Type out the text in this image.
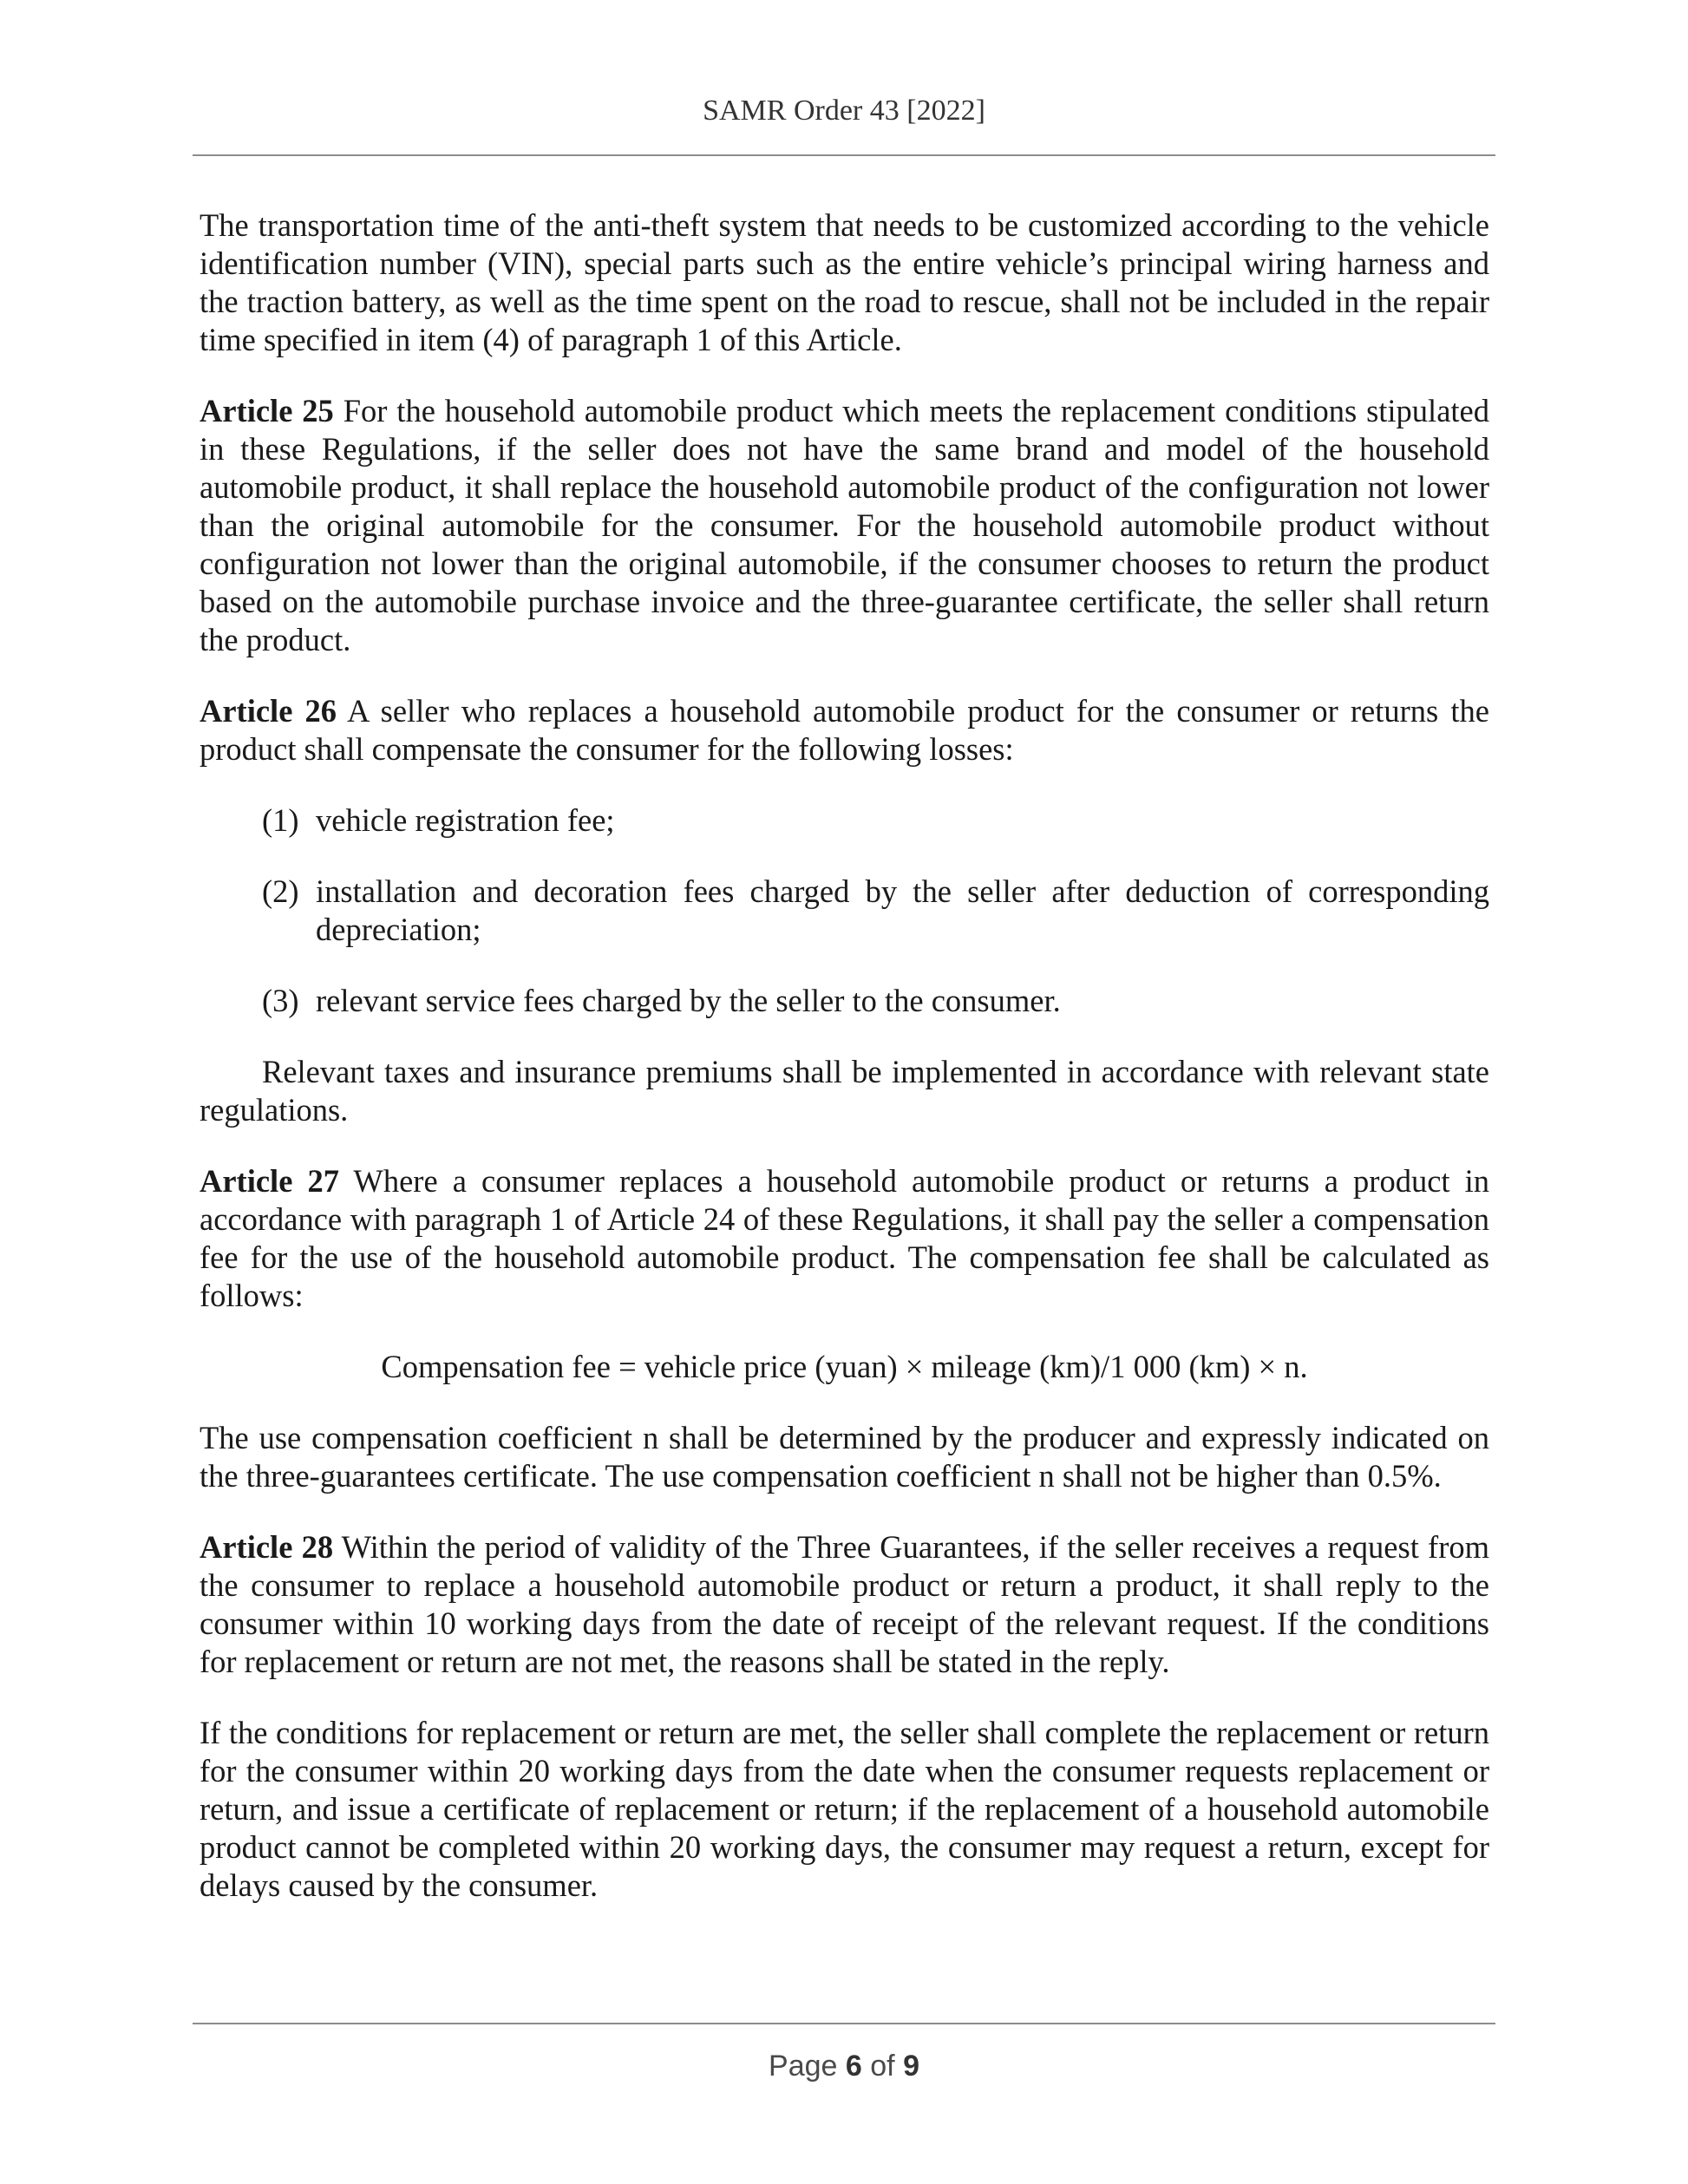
SAMR Order 43 [2022]

The transportation time of the anti-theft system that needs to be customized according to the vehicle identification number (VIN), special parts such as the entire vehicle’s principal wiring harness and the traction battery, as well as the time spent on the road to rescue, shall not be included in the repair time specified in item (4) of paragraph 1 of this Article.

Article 25 For the household automobile product which meets the replacement conditions stipulated in these Regulations, if the seller does not have the same brand and model of the household automobile product, it shall replace the household automobile product of the configuration not lower than the original automobile for the consumer. For the household automobile product without configuration not lower than the original automobile, if the consumer chooses to return the product based on the automobile purchase invoice and the three-guarantee certificate, the seller shall return the product.

Article 26 A seller who replaces a household automobile product for the consumer or returns the product shall compensate the consumer for the following losses:

(1) vehicle registration fee;
(2) installation and decoration fees charged by the seller after deduction of corresponding depreciation;
(3) relevant service fees charged by the seller to the consumer.

Relevant taxes and insurance premiums shall be implemented in accordance with relevant state regulations.

Article 27 Where a consumer replaces a household automobile product or returns a product in accordance with paragraph 1 of Article 24 of these Regulations, it shall pay the seller a compensation fee for the use of the household automobile product. The compensation fee shall be calculated as follows:

Compensation fee = vehicle price (yuan) × mileage (km)/1 000 (km) × n.

The use compensation coefficient n shall be determined by the producer and expressly indicated on the three-guarantees certificate. The use compensation coefficient n shall not be higher than 0.5%.

Article 28 Within the period of validity of the Three Guarantees, if the seller receives a request from the consumer to replace a household automobile product or return a product, it shall reply to the consumer within 10 working days from the date of receipt of the relevant request. If the conditions for replacement or return are not met, the reasons shall be stated in the reply.

If the conditions for replacement or return are met, the seller shall complete the replacement or return for the consumer within 20 working days from the date when the consumer requests replacement or return, and issue a certificate of replacement or return; if the replacement of a household automobile product cannot be completed within 20 working days, the consumer may request a return, except for delays caused by the consumer.

Page 6 of 9
